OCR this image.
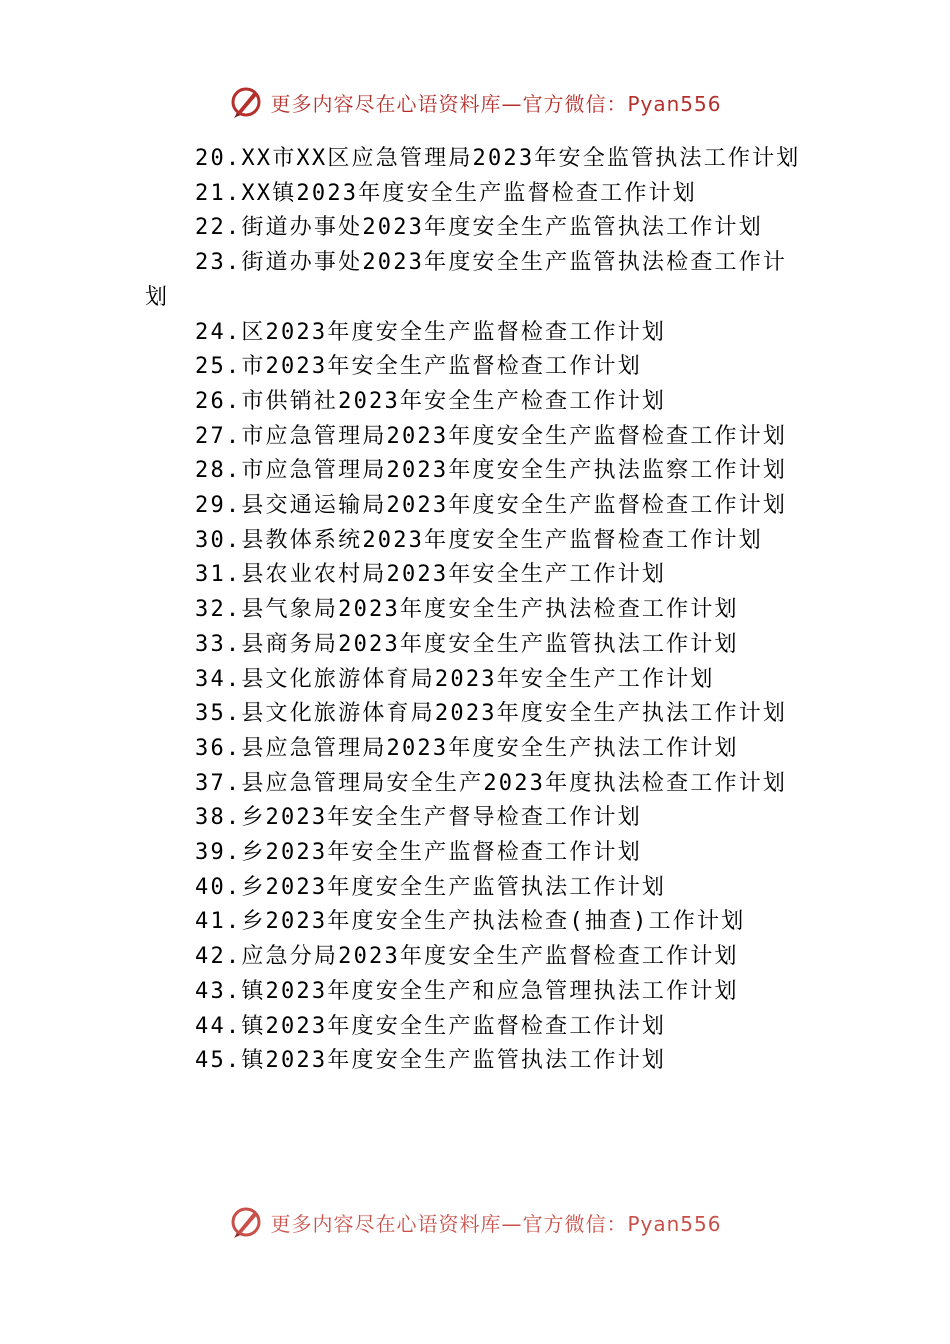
更多内容尽在心语资料库—官方微信：Pyan556
20.XX市XX区应急管理局2023年安全监管执法工作计划
21.XX镇2023年度安全生产监督检查工作计划
22.街道办事处2023年度安全生产监管执法工作计划
23.街道办事处2023年度安全生产监管执法检查工作计划
24.区2023年度安全生产监督检查工作计划
25.市2023年安全生产监督检查工作计划
26.市供销社2023年安全生产检查工作计划
27.市应急管理局2023年度安全生产监督检查工作计划
28.市应急管理局2023年度安全生产执法监察工作计划
29.县交通运输局2023年度安全生产监督检查工作计划
30.县教体系统2023年度安全生产监督检查工作计划
31.县农业农村局2023年安全生产工作计划
32.县气象局2023年度安全生产执法检查工作计划
33.县商务局2023年度安全生产监管执法工作计划
34.县文化旅游体育局2023年安全生产工作计划
35.县文化旅游体育局2023年度安全生产执法工作计划
36.县应急管理局2023年度安全生产执法工作计划
37.县应急管理局安全生产2023年度执法检查工作计划
38.乡2023年安全生产督导检查工作计划
39.乡2023年安全生产监督检查工作计划
40.乡2023年度安全生产监管执法工作计划
41.乡2023年度安全生产执法检查(抽查)工作计划
42.应急分局2023年度安全生产监督检查工作计划
43.镇2023年度安全生产和应急管理执法工作计划
44.镇2023年度安全生产监督检查工作计划
45.镇2023年度安全生产监管执法工作计划
更多内容尽在心语资料库—官方微信：Pyan556
